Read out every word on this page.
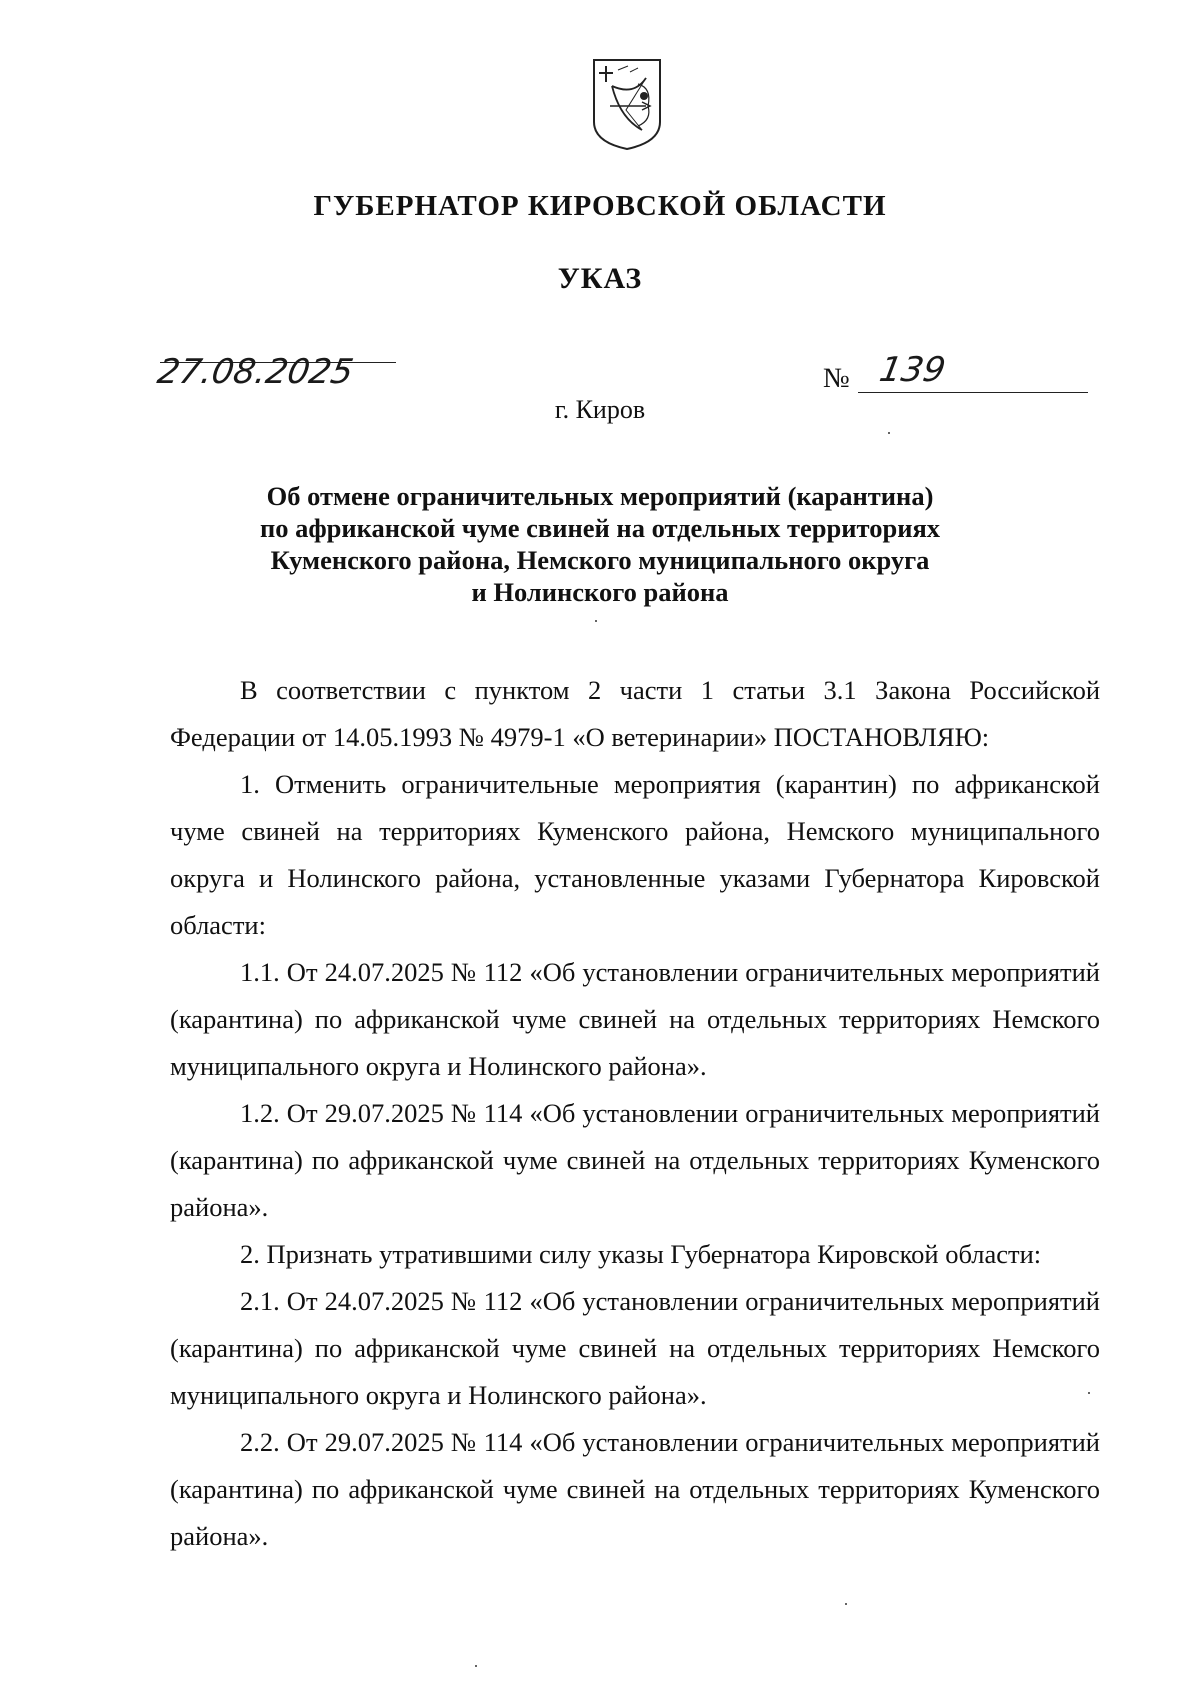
ГУБЕРНАТОР КИРОВСКОЙ ОБЛАСТИ
УКАЗ
27.08.2025	№ 139
г. Киров
Об отмене ограничительных мероприятий (карантина)
по африканской чуме свиней на отдельных территориях
Куменского района, Немского муниципального округа
и Нолинского района

В соответствии с пунктом 2 части 1 статьи 3.1 Закона Российской Федерации от 14.05.1993 № 4979-1 «О ветеринарии» ПОСТАНОВЛЯЮ:

1. Отменить ограничительные мероприятия (карантин) по африканской чуме свиней на территориях Куменского района, Немского муниципального округа и Нолинского района, установленные указами Губернатора Кировской области:

1.1. От 24.07.2025 № 112 «Об установлении ограничительных мероприятий (карантина) по африканской чуме свиней на отдельных территориях Немского муниципального округа и Нолинского района».

1.2. От 29.07.2025 № 114 «Об установлении ограничительных мероприятий (карантина) по африканской чуме свиней на отдельных территориях Куменского района».

2. Признать утратившими силу указы Губернатора Кировской области:

2.1. От 24.07.2025 № 112 «Об установлении ограничительных мероприятий (карантина) по африканской чуме свиней на отдельных территориях Немского муниципального округа и Нолинского района».

2.2. От 29.07.2025 № 114 «Об установлении ограничительных мероприятий (карантина) по африканской чуме свиней на отдельных территориях Куменского района».
